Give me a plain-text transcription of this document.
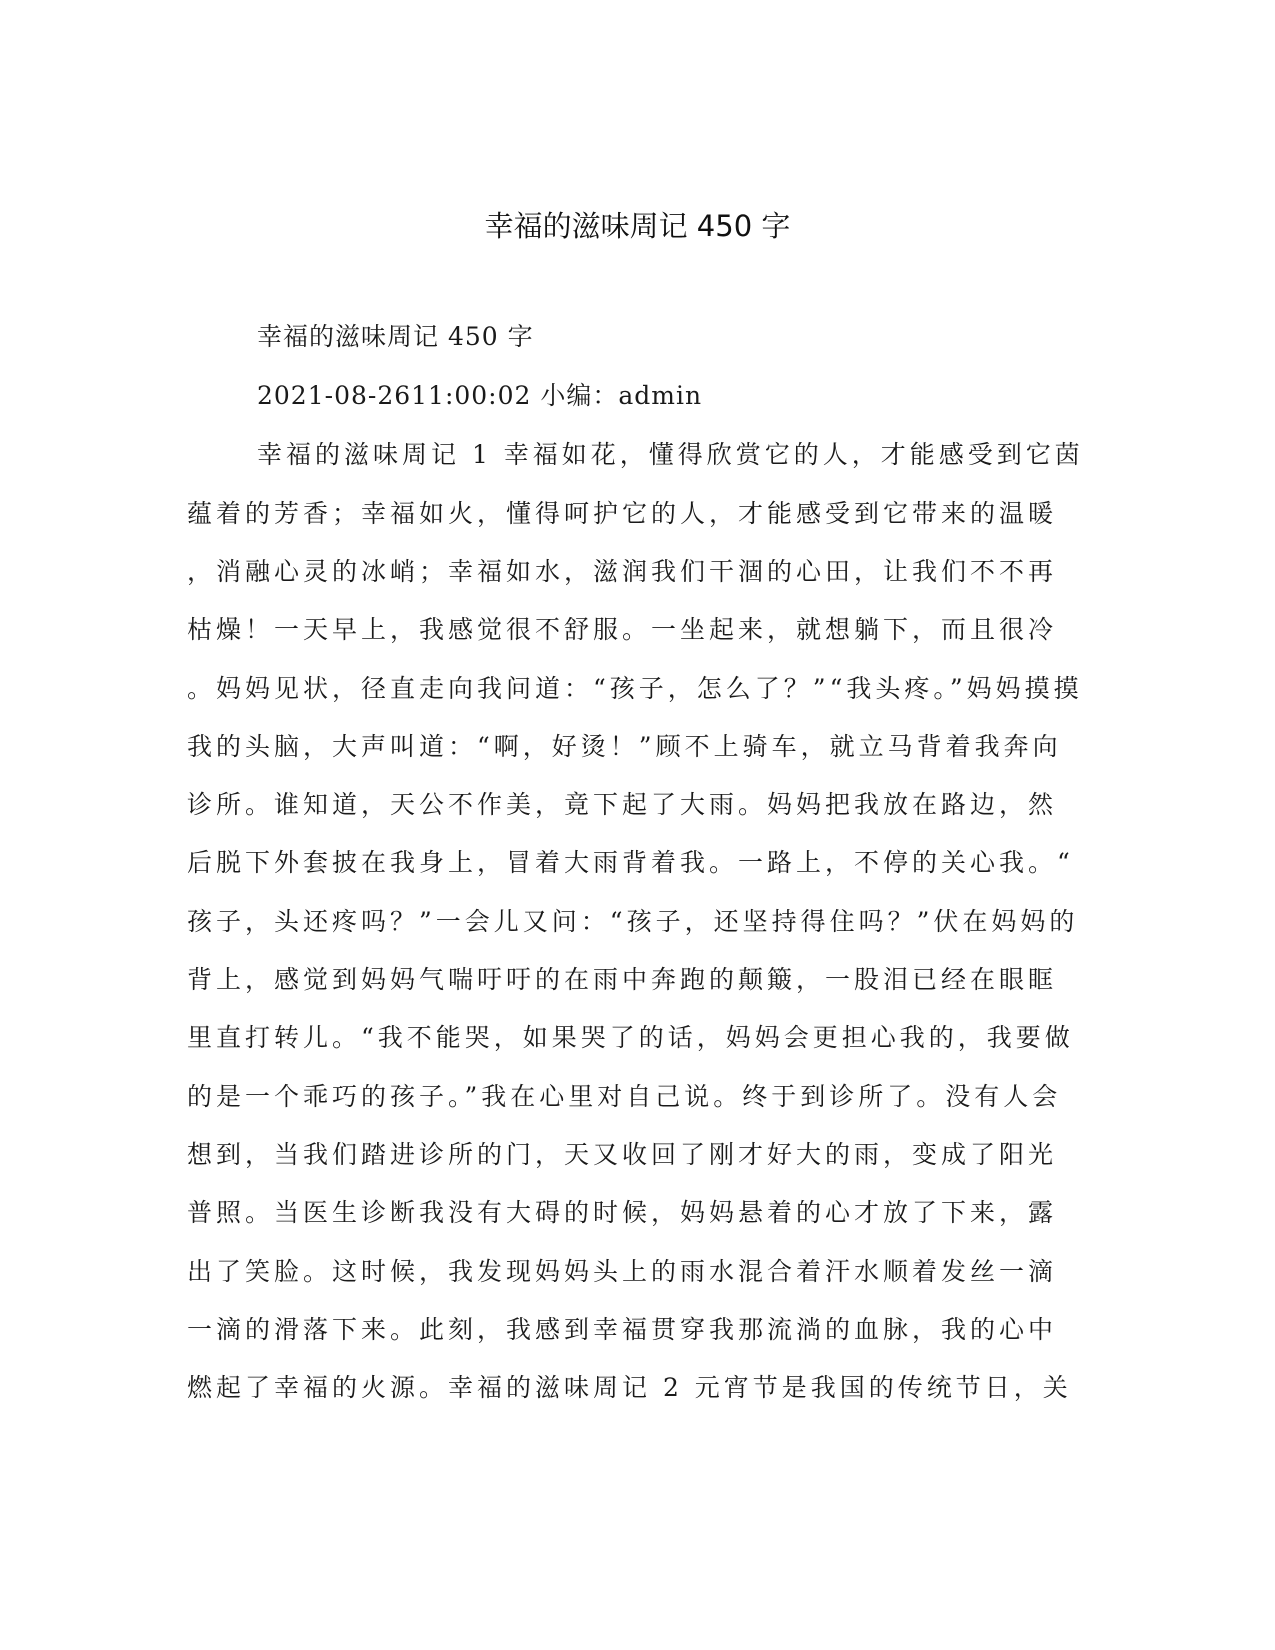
幸福的滋味周记 450 字
幸福的滋味周记 450 字
2021-08-2611:00:02 小编：admin
幸福的滋味周记 1 幸福如花，懂得欣赏它的人，才能感受到它茵
蕴着的芳香；幸福如火，懂得呵护它的人，才能感受到它带来的温暖
，消融心灵的冰峭；幸福如水，滋润我们干涸的心田，让我们不不再
枯燥！一天早上，我感觉很不舒服。一坐起来，就想躺下，而且很冷
。妈妈见状，径直走向我问道：“孩子，怎么了？”“我头疼。”妈妈摸摸
我的头脑，大声叫道：“啊，好烫！”顾不上骑车，就立马背着我奔向
诊所。谁知道，天公不作美，竟下起了大雨。妈妈把我放在路边，然
后脱下外套披在我身上，冒着大雨背着我。一路上，不停的关心我。“
孩子，头还疼吗？”一会儿又问：“孩子，还坚持得住吗？”伏在妈妈的
背上，感觉到妈妈气喘吁吁的在雨中奔跑的颠簸，一股泪已经在眼眶
里直打转儿。“我不能哭，如果哭了的话，妈妈会更担心我的，我要做
的是一个乖巧的孩子。”我在心里对自己说。终于到诊所了。没有人会
想到，当我们踏进诊所的门，天又收回了刚才好大的雨，变成了阳光
普照。当医生诊断我没有大碍的时候，妈妈悬着的心才放了下来，露
出了笑脸。这时候，我发现妈妈头上的雨水混合着汗水顺着发丝一滴
一滴的滑落下来。此刻，我感到幸福贯穿我那流淌的血脉，我的心中
燃起了幸福的火源。幸福的滋味周记 2 元宵节是我国的传统节日，关
